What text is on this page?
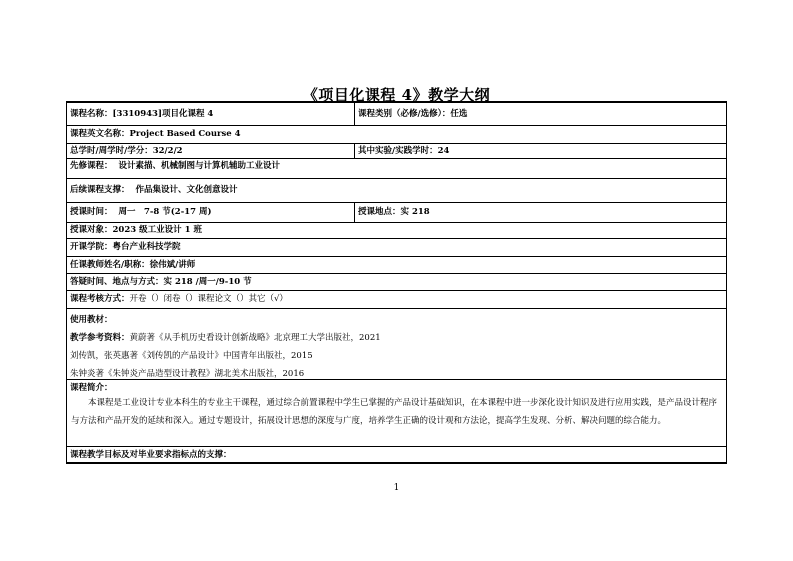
《项目化课程 4》教学大纲
课程名称： [3310943]项目化课程 4	课程类别（必修/选修）： 任选
课程英文名称： Project Based Course 4
总学时/周学时/学分： 32/2/2	其中实验/实践学时： 24
先修课程：
设计素描、机械制图与计算机辅助工业设计
后续课程支撑：
作品集设计、文化创意设计
授课时间：
周一　7-8 节(2-17 周)	授课地点： 实 218
授课对象： 2023 级工业设计 1 班
开课学院： 粤台产业科技学院
任课教师姓名/职称： 徐伟斌/讲师
答疑时间、地点与方式： 实 218 /周一/9-10 节
课程考核方式： 开卷（）闭卷（）课程论文（）其它（√）
使用教材：
教学参考资料：黄蔚著《从手机历史看设计创新战略》北京理工大学出版社，2021
刘传凯，张英惠著《刘传凯的产品设计》中国青年出版社，2015
朱钟炎著《朱钟炎产品造型设计教程》湖北美术出版社，2016
课程简介：
本课程是工业设计专业本科生的专业主干课程，通过综合前置课程中学生已掌握的产品设计基础知识，在本课程中进一步深化设计知识及进行应用实践，是产品设计程序与方法和产品开发的延续和深入。通过专题设计，拓展设计思想的深度与广度，培养学生正确的设计观和方法论，提高学生发现、分析、解决问题的综合能力。
课程教学目标及对毕业要求指标点的支撑：
1
